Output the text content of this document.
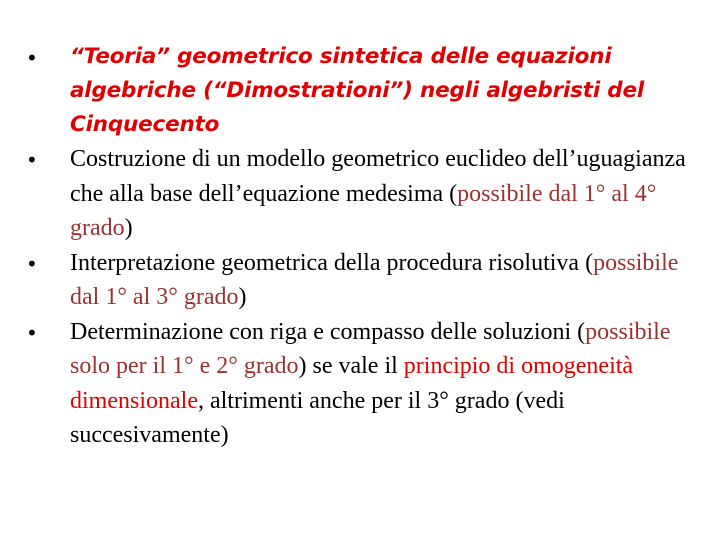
• “Teoria” geometrico sintetica delle equazioni algebriche (“Dimostrationi”) negli algebristi del Cinquecento
• Costruzione di un modello geometrico euclideo dell’uguagianza che alla base dell’equazione medesima (possibile dal 1° al 4° grado)
• Interpretazione geometrica della procedura risolutiva (possibile dal 1° al 3° grado)
• Determinazione con riga e compasso delle soluzioni (possibile solo per il 1° e 2° grado) se vale il principio di omogeneità dimensionale, altrimenti anche per il 3° grado (vedi succesivamente)
